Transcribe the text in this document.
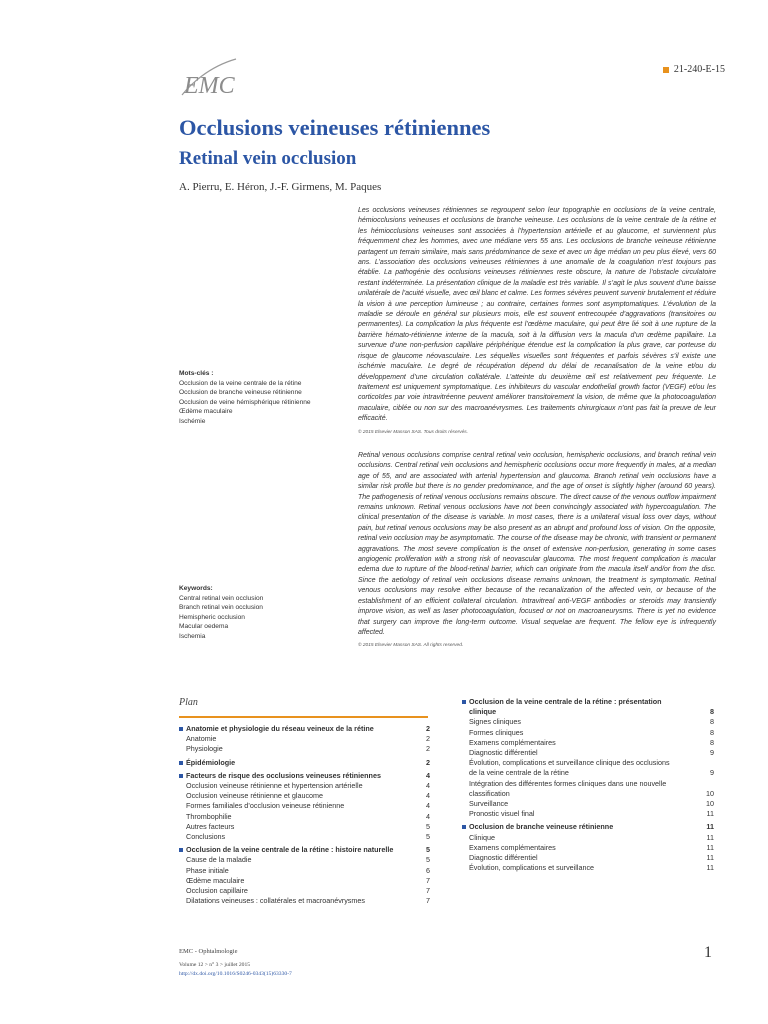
EMC
21-240-E-15
Occlusions veineuses rétiniennes
Retinal vein occlusion
A. Pierru, E. Héron, J.-F. Girmens, M. Paques

Les occlusions veineuses rétiniennes se regroupent selon leur topographie en occlusions de la veine centrale, hémiocclusions veineuses et occlusions de branche veineuse. Les occlusions de la veine centrale de la rétine et les hémiocclusions veineuses sont associées à l’hypertension artérielle et au glaucome, et surviennent plus fréquemment chez les hommes, avec une médiane vers 55 ans. Les occlusions de branche veineuse rétinienne partagent un terrain similaire, mais sans prédominance de sexe et avec un âge médian un peu plus élevé, vers 60 ans. L’association des occlusions veineuses rétiniennes à une anomalie de la coagulation n’est toujours pas établie. La pathogénie des occlusions veineuses rétiniennes reste obscure, la nature de l’obstacle circulatoire restant indéterminée. La présentation clinique de la maladie est très variable. Il s’agit le plus souvent d’une baisse unilatérale de l’acuité visuelle, avec œil blanc et calme. Les formes sévères peuvent survenir brutalement et réduire la vision à une perception lumineuse ; au contraire, certaines formes sont asymptomatiques. L’évolution de la maladie se déroule en général sur plusieurs mois, elle est souvent entrecoupée d’aggravations (transitoires ou permanentes). La complication la plus fréquente est l’œdème maculaire, qui peut être lié soit à une rupture de la barrière hémato-rétinienne interne de la macula, soit à la diffusion vers la macula d’un œdème papillaire. La survenue d’une non-perfusion capillaire périphérique étendue est la complication la plus grave, car porteuse du risque de glaucome néovasculaire. Les séquelles visuelles sont fréquentes et parfois sévères s’il existe une ischémie maculaire. Le degré de récupération dépend du délai de recanalisation de la veine et/ou du développement d’une circulation collatérale. L’atteinte du deuxième œil est relativement peu fréquente. Le traitement est uniquement symptomatique. Les inhibiteurs du vascular endothelial growth factor (VEGF) et/ou les corticoïdes par voie intravitréenne peuvent améliorer transitoirement la vision, de même que la photocoagulation maculaire, ciblée ou non sur des macroanévrysmes. Les traitements chirurgicaux n’ont pas fait la preuve de leur efficacité.

© 2015 Elsevier Masson SAS. Tous droits réservés.

Retinal venous occlusions comprise central retinal vein occlusion, hemispheric occlusions, and branch retinal vein occlusions. Central retinal vein occlusions and hemispheric occlusions occur more frequently in males, at a median age of 55, and are associated with arterial hypertension and glaucoma. Branch retinal vein occlusions have a similar risk profile but there is no gender predominance, and the age of onset is slightly higher (around 60 years). The pathogenesis of retinal venous occlusions remains obscure. The direct cause of the venous outflow impairment remains unknown. Retinal venous occlusions have not been convincingly associated with hypercoagulation. The clinical presentation of the disease is variable. In most cases, there is a unilateral visual loss over days, without pain, but retinal venous occlusions may be also present as an abrupt and profound loss of vision. On the opposite, retinal vein occlusion may be asymptomatic. The course of the disease may be chronic, with transient or permanent aggravations. The most severe complication is the onset of extensive non-perfusion, generating in some cases angiogenic proliferation with a strong risk of neovascular glaucoma. The most frequent complication is macular edema due to rupture of the blood-retinal barrier, which can originate from the macula itself and/or from the disc. Since the aetiology of retinal vein occlusions disease remains unknown, the treatment is symptomatic. Retinal venous occlusions may resolve either because of the recanalization of the affected vein, or because of the establishment of an efficient collateral circulation. Intravitreal anti-VEGF antibodies or steroids may transiently improve vision, as well as laser photocoagulation, focused or not on macroaneurysms. There is yet no evidence that surgery can improve the long-term outcome. Visual sequelae are frequent. The fellow eye is infrequently affected.

© 2015 Elsevier Masson SAS. All rights reserved.

Mots-clés :
Occlusion de la veine centrale de la rétine
Occlusion de branche veineuse rétinienne
Occlusion de veine hémisphérique rétinienne
Œdème maculaire
Ischémie
Keywords:
Central retinal vein occlusion
Branch retinal vein occlusion
Hemispheric occlusion
Macular oedema
Ischemia
Plan
Anatomie et physiologie du réseau veineux de la rétine	2
Anatomie	2
Physiologie	2
Épidémiologie	2
Facteurs de risque des occlusions veineuses rétiniennes	4
Occlusion veineuse rétinienne et hypertension artérielle	4
Occlusion veineuse rétinienne et glaucome	4
Formes familiales d’occlusion veineuse rétinienne	4
Thrombophilie	4
Autres facteurs	5
Conclusions	5
Occlusion de la veine centrale de la rétine : histoire naturelle	5
Cause de la maladie	5
Phase initiale	6
Œdème maculaire	7
Occlusion capillaire	7
Dilatations veineuses : collatérales et macroanévrysmes	7
Occlusion de la veine centrale de la rétine : présentation
clinique	8
Signes cliniques	8
Formes cliniques	8
Examens complémentaires	8
Diagnostic différentiel	9
Évolution, complications et surveillance clinique des occlusions
de la veine centrale de la rétine	9
Intégration des différentes formes cliniques dans une nouvelle
classification	10
Surveillance	10
Pronostic visuel final	11
Occlusion de branche veineuse rétinienne	11
Clinique	11
Examens complémentaires	11
Diagnostic différentiel	11
Évolution, complications et surveillance	11
EMC - Ophtalmologie
Volume 12 > n° 3 > juillet 2015
http://dx.doi.org/10.1016/S0246-0343(15)63330-7
1
